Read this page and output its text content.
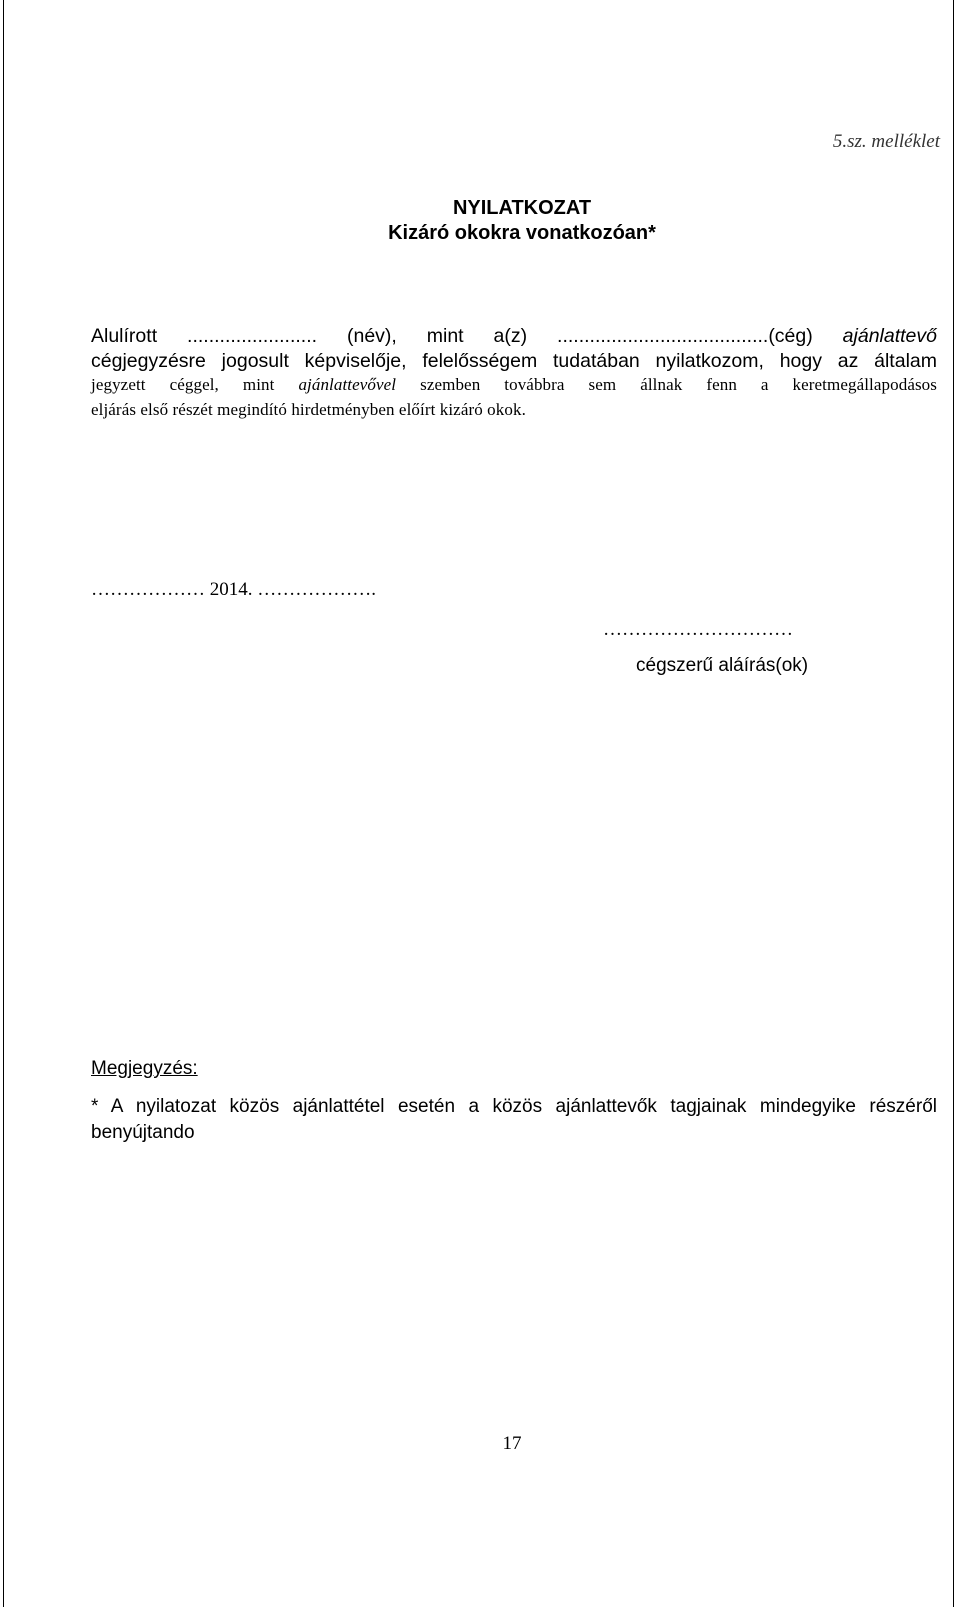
5.sz. melléklet
NYILATKOZAT
Kizáró okokra vonatkozóan*
Alulírott ........................ (név), mint a(z) .......................................(cég) ajánlattevő
cégjegyzésre jogosult képviselője, felelősségem tudatában nyilatkozom, hogy az általam
jegyzett céggel, mint ajánlattevővel szemben továbbra sem állnak fenn a keretmegállapodásos
eljárás első részét megindító hirdetményben előírt kizáró okok.
……………… 2014. ……………….
…………………………
cégszerű aláírás(ok)
Megjegyzés:
* A nyilatozat közös ajánlattétel esetén a közös ajánlattevők tagjainak mindegyike részéről benyújtando
17
